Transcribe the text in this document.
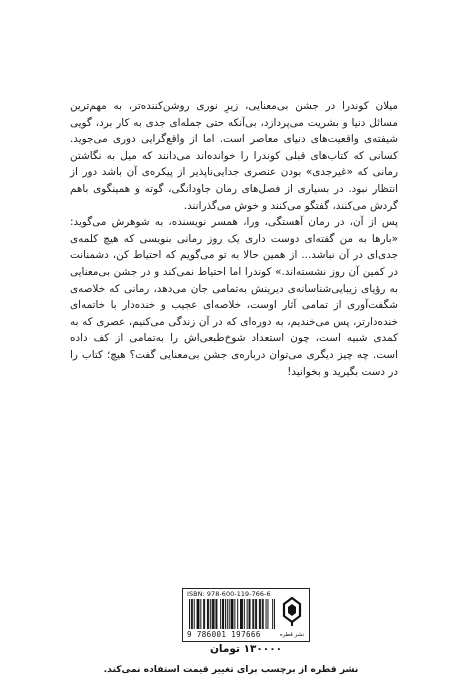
میلان کوندرا در جشن بی‌معنایی، زیرِ نوری روشن‌کننده‌تر، به مهم‌ترین مسائل دنیا و بشریت می‌پردازد، بی‌آنکه حتی جمله‌ای جدی به کار برد، گویی شیفته‌ی واقعیت‌های دنیای معاصر است. اما از واقع‌گرایی دوری می‌جوید. کسانی که کتاب‌های قبلی کوندرا را خوانده‌اند می‌دانند که میل به نگاشتن رمانی که «غیرجدی» بودن عنصری جدایی‌ناپذیر از پیکره‌ی آن باشد دور از انتظار نبود. در بسیاری از فصل‌های رمان جاودانگی، گوته و همینگوی باهم گردش می‌کنند، گفتگو می‌کنند و خوش می‌گذرانند.

پس از آن، در رمان آهستگی، ورا، همسر نویسنده، به شوهرش می‌گوید: «بارها به من گفته‌ای دوست داری یک روز رمانی بنویسی که هیچ کلمه‌ی جدی‌ای در آن نباشد... از همین حالا به تو می‌گویم که احتیاط کن، دشمنانت در کمین آن روز نشسته‌اند.» کوندرا اما احتیاط نمی‌کند و در جشن بی‌معنایی به رؤیای زیبایی‌شناسانه‌ی دیرینش به‌تمامی جان می‌دهد، رمانی که خلاصه‌ی شگفت‌آوری از تمامی آثار اوست، خلاصه‌ای عجیب و خنده‌دار با خاتمه‌ای خنده‌دارتر، پس می‌خندیم، به دوره‌ای که در آن زندگی می‌کنیم، عصری که به کمدی شبیه است، چون استعداد شوخ‌طبعی‌اش را به‌تمامی از کف داده است. چه چیز دیگری می‌توان درباره‌ی جشن بی‌معنایی گفت؟ هیچ؛ کتاب را در دست بگیرید و بخوانید!

ISBN: 978-600-119-766-6
9 786001 197666	نشر قطره
۱۳۰۰۰۰ تومان
نشر قطره از برچسب برای تغییر قیمت استفاده نمی‌کند.
